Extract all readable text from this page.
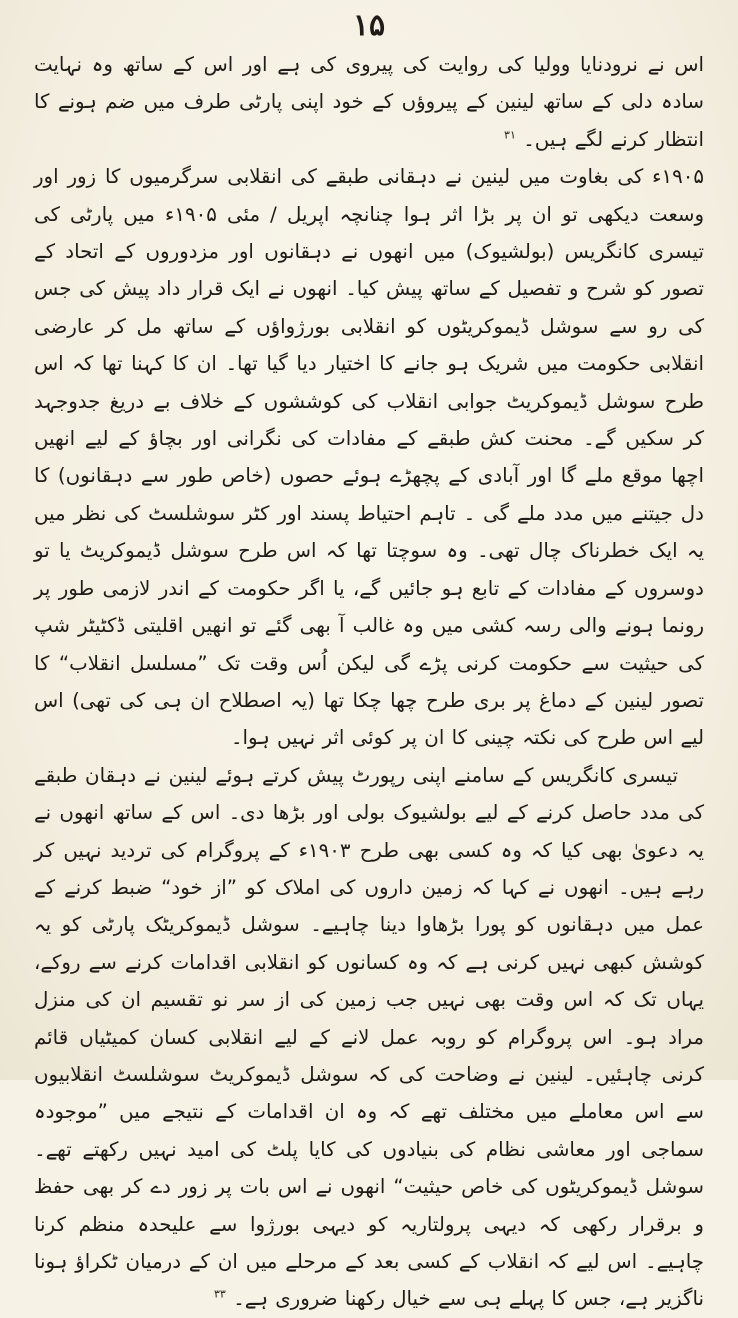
۱۵

اس نے نرودنایا وولیا کی روایت کی پیروی کی ہے اور اس کے ساتھ وہ نہایت سادہ دلی کے ساتھ لینین کے پیروؤں کے خود اپنی پارٹی طرف میں ضم ہونے کا انتظار کرنے لگے ہیں۔ $^{۳۱}$

۱۹۰۵ء کی بغاوت میں لینین نے دہقانی طبقے کی انقلابی سرگرمیوں کا زور اور وسعت دیکھی تو ان پر بڑا اثر ہوا چنانچہ اپریل / مئی ۱۹۰۵ء میں پارٹی کی تیسری کانگریس (بولشیوک) میں انھوں نے دہقانوں اور مزدوروں کے اتحاد کے تصور کو شرح و تفصیل کے ساتھ پیش کیا۔ انھوں نے ایک قرار داد پیش کی جس کی رو سے سوشل ڈیموکریٹوں کو انقلابی بورژواؤں کے ساتھ مل کر عارضی انقلابی حکومت میں شریک ہو جانے کا اختیار دیا گیا تھا۔ ان کا کہنا تھا کہ اس طرح سوشل ڈیموکریٹ جوابی انقلاب کی کوششوں کے خلاف بے دریغ جدوجہد کر سکیں گے۔ محنت کش طبقے کے مفادات کی نگرانی اور بچاؤ کے لیے انھیں اچھا موقع ملے گا اور آبادی کے پچھڑے ہوئے حصوں (خاص طور سے دہقانوں) کا دل جیتنے میں مدد ملے گی ۔ تاہم احتیاط پسند اور کٹر سوشلسٹ کی نظر میں یہ ایک خطرناک چال تھی۔ وہ سوچتا تھا کہ اس طرح سوشل ڈیموکریٹ یا تو دوسروں کے مفادات کے تابع ہو جائیں گے، یا اگر حکومت کے اندر لازمی طور پر رونما ہونے والی رسہ کشی میں وہ غالب آ بھی گئے تو انھیں اقلیتی ڈکٹیٹر شپ کی حیثیت سے حکومت کرنی پڑے گی لیکن اُس وقت تک ”مسلسل انقلاب“ کا تصور لینین کے دماغ پر بری طرح چھا چکا تھا (یہ اصطلاح ان ہی کی تھی) اس لیے اس طرح کی نکتہ چینی کا ان پر کوئی اثر نہیں ہوا۔

تیسری کانگریس کے سامنے اپنی رپورٹ پیش کرتے ہوئے لینین نے دہقان طبقے کی مدد حاصل کرنے کے لیے بولشیوک بولی اور بڑھا دی۔ اس کے ساتھ انھوں نے یہ دعویٰ بھی کیا کہ وہ کسی بھی طرح ۱۹۰۳ء کے پروگرام کی تردید نہیں کر رہے ہیں۔ انھوں نے کہا کہ زمین داروں کی املاک کو ”از خود“ ضبط کرنے کے عمل میں دہقانوں کو پورا بڑھاوا دینا چاہیے۔ سوشل ڈیموکریٹک پارٹی کو یہ کوشش کبھی نہیں کرنی ہے کہ وہ کسانوں کو انقلابی اقدامات کرنے سے روکے، یہاں تک کہ اس وقت بھی نہیں جب زمین کی از سر نو تقسیم ان کی منزل مراد ہو۔ اس پروگرام کو روبہ عمل لانے کے لیے انقلابی کسان کمیٹیاں قائم کرنی چاہئیں۔ لینین نے وضاحت کی کہ سوشل ڈیموکریٹ سوشلسٹ انقلابیوں سے اس معاملے میں مختلف تھے کہ وہ ان اقدامات کے نتیجے میں ”موجودہ سماجی اور معاشی نظام کی بنیادوں کی کایا پلٹ کی امید نہیں رکھتے تھے۔ سوشل ڈیموکریٹوں کی خاص حیثیت“ انھوں نے اس بات پر زور دے کر بھی حفظ و برقرار رکھی کہ دیہی پرولتاریہ کو دیہی بورژوا سے علیحدہ منظم کرنا چاہیے۔ اس لیے کہ انقلاب کے کسی بعد کے مرحلے میں ان کے درمیان ٹکراؤ ہونا ناگزیر ہے، جس کا پہلے ہی سے خیال رکھنا ضروری ہے۔ $^{۳۳}$
